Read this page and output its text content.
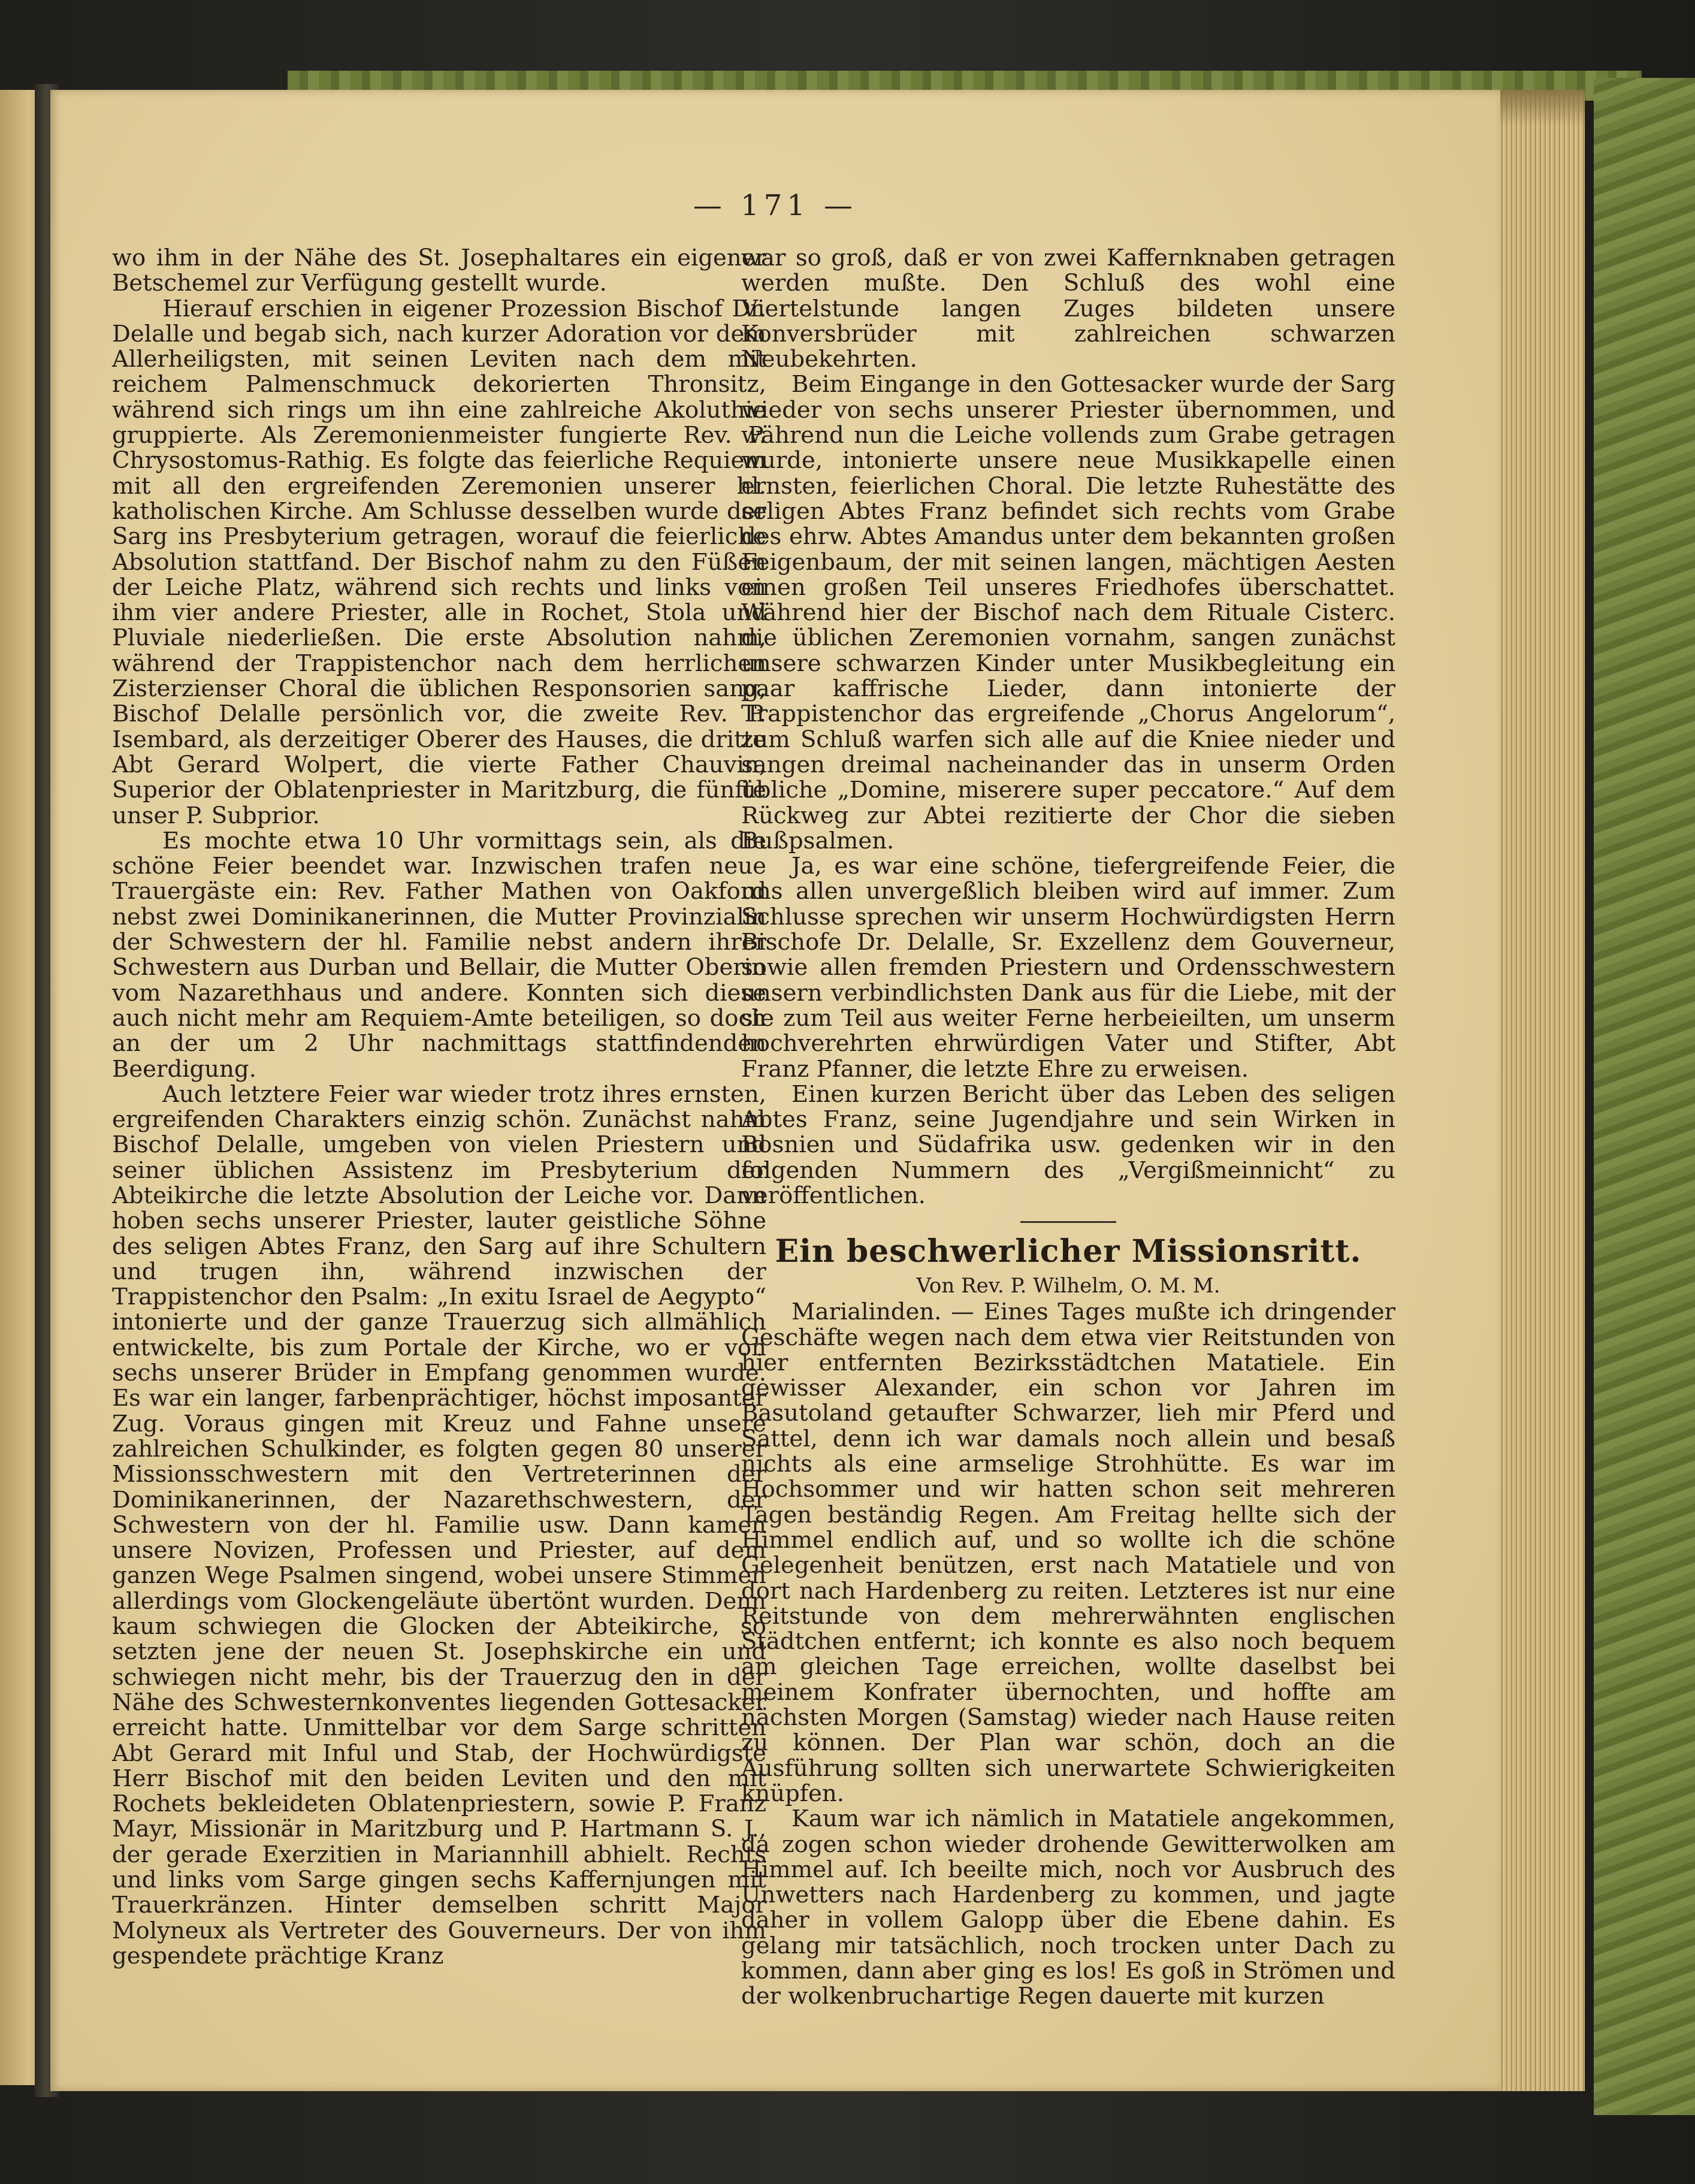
— 171 —

wo ihm in der Nähe des St. Josephaltares ein eigener Betschemel zur Verfügung gestellt wurde.

Hierauf erschien in eigener Prozession Bischof Dr. Delalle und begab sich, nach kurzer Adoration vor dem Allerheiligsten, mit seinen Leviten nach dem mit reichem Palmenschmuck dekorierten Thronsitz, während sich rings um ihn eine zahlreiche Akoluthie gruppierte. Als Zeremonienmeister fungierte Rev. P. Chrysostomus-Rathig. Es folgte das feierliche Requiem mit all den ergreifenden Zeremonien unserer hl. katholischen Kirche. Am Schlusse desselben wurde der Sarg ins Presbyterium getragen, worauf die feierliche Absolution stattfand. Der Bischof nahm zu den Füßen der Leiche Platz, während sich rechts und links von ihm vier andere Priester, alle in Rochet, Stola und Pluviale niederließen. Die erste Absolution nahm, während der Trappistenchor nach dem herrlichen Zisterzienser Choral die üblichen Responsorien sang, Bischof Delalle persönlich vor, die zweite Rev. P. Isembard, als derzeitiger Oberer des Hauses, die dritte Abt Gerard Wolpert, die vierte Father Chauvin, Superior der Oblatenpriester in Maritzburg, die fünfte unser P. Subprior.

Es mochte etwa 10 Uhr vormittags sein, als die schöne Feier beendet war. Inzwischen trafen neue Trauergäste ein: Rev. Father Mathen von Oakford nebst zwei Dominikanerinnen, die Mutter Provinzialin der Schwestern der hl. Familie nebst andern ihrer Schwestern aus Durban und Bellair, die Mutter Oberin vom Nazarethhaus und andere. Konnten sich diese auch nicht mehr am Requiem-Amte beteiligen, so doch an der um 2 Uhr nachmittags stattfindenden Beerdigung.

Auch letztere Feier war wieder trotz ihres ernsten, ergreifenden Charakters einzig schön. Zunächst nahm Bischof Delalle, umgeben von vielen Priestern und seiner üblichen Assistenz im Presbyterium der Abteikirche die letzte Absolution der Leiche vor. Dann hoben sechs unserer Priester, lauter geistliche Söhne des seligen Abtes Franz, den Sarg auf ihre Schultern und trugen ihn, während inzwischen der Trappistenchor den Psalm: „In exitu Israel de Aegypto“ intonierte und der ganze Trauerzug sich allmählich entwickelte, bis zum Portale der Kirche, wo er von sechs unserer Brüder in Empfang genommen wurde. Es war ein langer, farbenprächtiger, höchst imposanter Zug. Voraus gingen mit Kreuz und Fahne unsere zahlreichen Schulkinder, es folgten gegen 80 unserer Missionsschwestern mit den Vertreterinnen der Dominikanerinnen, der Nazarethschwestern, der Schwestern von der hl. Familie usw. Dann kamen unsere Novizen, Professen und Priester, auf dem ganzen Wege Psalmen singend, wobei unsere Stimmen allerdings vom Glockengeläute übertönt wurden. Denn kaum schwiegen die Glocken der Abteikirche, so setzten jene der neuen St. Josephskirche ein und schwiegen nicht mehr, bis der Trauerzug den in der Nähe des Schwesternkonventes liegenden Gottesacker erreicht hatte. Unmittelbar vor dem Sarge schritten Abt Gerard mit Inful und Stab, der Hochwürdigste Herr Bischof mit den beiden Leviten und den mit Rochets bekleideten Oblatenpriestern, sowie P. Franz Mayr, Missionär in Maritzburg und P. Hartmann S. J., der gerade Exerzitien in Mariannhill abhielt. Rechts und links vom Sarge gingen sechs Kaffernjungen mit Trauerkränzen. Hinter demselben schritt Major Molyneux als Vertreter des Gouverneurs. Der von ihm gespendete prächtige Kranz

war so groß, daß er von zwei Kaffernknaben getragen werden mußte. Den Schluß des wohl eine Viertelstunde langen Zuges bildeten unsere Konversbrüder mit zahlreichen schwarzen Neubekehrten.

Beim Eingange in den Gottesacker wurde der Sarg wieder von sechs unserer Priester übernommen, und während nun die Leiche vollends zum Grabe getragen wurde, intonierte unsere neue Musikkapelle einen ernsten, feierlichen Choral. Die letzte Ruhestätte des seligen Abtes Franz befindet sich rechts vom Grabe des ehrw. Abtes Amandus unter dem bekannten großen Feigenbaum, der mit seinen langen, mächtigen Aesten einen großen Teil unseres Friedhofes überschattet. Während hier der Bischof nach dem Rituale Cisterc. die üblichen Zeremonien vornahm, sangen zunächst unsere schwarzen Kinder unter Musikbegleitung ein paar kaffrische Lieder, dann intonierte der Trappistenchor das ergreifende „Chorus Angelorum“, zum Schluß warfen sich alle auf die Kniee nieder und sangen dreimal nacheinander das in unserm Orden übliche „Domine, miserere super peccatore.“ Auf dem Rückweg zur Abtei rezitierte der Chor die sieben Bußpsalmen.

Ja, es war eine schöne, tiefergreifende Feier, die uns allen unvergeßlich bleiben wird auf immer. Zum Schlusse sprechen wir unserm Hochwürdigsten Herrn Bischofe Dr. Delalle, Sr. Exzellenz dem Gouverneur, sowie allen fremden Priestern und Ordensschwestern unsern verbindlichsten Dank aus für die Liebe, mit der sie zum Teil aus weiter Ferne herbeieilten, um unserm hochverehrten ehrwürdigen Vater und Stifter, Abt Franz Pfanner, die letzte Ehre zu erweisen.

Einen kurzen Bericht über das Leben des seligen Abtes Franz, seine Jugendjahre und sein Wirken in Bosnien und Südafrika usw. gedenken wir in den folgenden Nummern des „Vergißmeinnicht“ zu veröffentlichen.

Ein beschwerlicher Missionsritt.
Von Rev. P. Wilhelm, O. M. M.

Marialinden. — Eines Tages mußte ich dringender Geschäfte wegen nach dem etwa vier Reitstunden von hier entfernten Bezirksstädtchen Matatiele. Ein gewisser Alexander, ein schon vor Jahren im Basutoland getaufter Schwarzer, lieh mir Pferd und Sattel, denn ich war damals noch allein und besaß nichts als eine armselige Strohhütte. Es war im Hochsommer und wir hatten schon seit mehreren Tagen beständig Regen. Am Freitag hellte sich der Himmel endlich auf, und so wollte ich die schöne Gelegenheit benützen, erst nach Matatiele und von dort nach Hardenberg zu reiten. Letzteres ist nur eine Reitstunde von dem mehrerwähnten englischen Städtchen entfernt; ich konnte es also noch bequem am gleichen Tage erreichen, wollte daselbst bei meinem Konfrater übernochten, und hoffte am nächsten Morgen (Samstag) wieder nach Hause reiten zu können. Der Plan war schön, doch an die Ausführung sollten sich unerwartete Schwierigkeiten knüpfen.

Kaum war ich nämlich in Matatiele angekommen, da zogen schon wieder drohende Gewitterwolken am Himmel auf. Ich beeilte mich, noch vor Ausbruch des Unwetters nach Hardenberg zu kommen, und jagte daher in vollem Galopp über die Ebene dahin. Es gelang mir tatsächlich, noch trocken unter Dach zu kommen, dann aber ging es los! Es goß in Strömen und der wolkenbruchartige Regen dauerte mit kurzen
